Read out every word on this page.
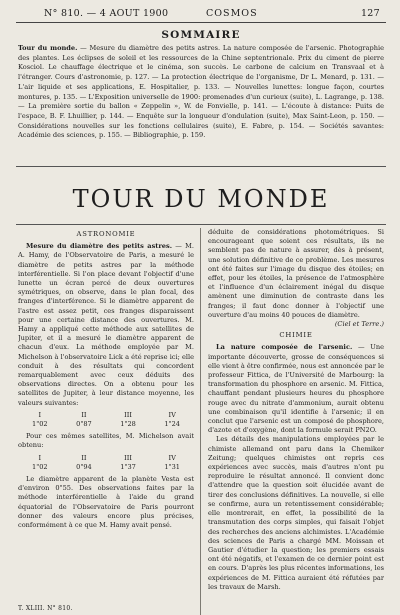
N° 810. — 4 AOUT 1900	COSMOS	127
SOMMAIRE
Tour du monde. — Mesure du diamètre des petits astres. La nature composée de l'arsenic. Photographie des plantes. Les éclipses de soleil et les ressources de la Chine septentrionale. Prix du ciment de pierre Kosciol. Le chauffage électrique et le cinéma, son succès. Le carbone de calcium en Transvaal et à l'étranger. Cours d'astronomie, p. 127. — La protection électrique de l'organisme, Dr L. Menard, p. 131. — L'air liquide et ses applications, E. Hospitalier, p. 133. — Nouvelles lunettes: longue façon, courtes montures, p. 135. — L'Exposition universelle de 1900: promenades d'un curieux (suite), L. Lagrange, p. 138. — La première sortie du ballon « Zeppelin », W. de Fonvielle, p. 141. — L'écoute à distance: Puits de l'espace, B. F. Lhuillier, p. 144. — Enquête sur la longueur d'ondulation (suite), Max Saint-Leon, p. 150. — Considérations nouvelles sur les fonctions cellulaires (suite), E. Fabre, p. 154. — Sociétés savantes: Académie des sciences, p. 155. — Bibliographie, p. 159.
TOUR DU MONDE
ASTRONOMIE

Mesure du diamètre des petits astres. — M. A. Hamy, de l'Observatoire de Paris, a mesuré le diamètre de petits astres par la méthode interférentielle. Si l'on place devant l'objectif d'une lunette un écran percé de deux ouvertures symétriques, on observe, dans le plan focal, des franges d'interférence. Si le diamètre apparent de l'astre est assez petit, ces franges disparaissent pour une certaine distance des ouvertures. M. Hamy a appliqué cette méthode aux satellites de Jupiter, et il a mesuré le diamètre apparent de chacun d'eux. La méthode employée par M. Michelson à l'observatoire Lick a été reprise ici; elle conduit à des résultats qui concordent remarquablement avec ceux déduits des observations directes. On a obtenu pour les satellites de Jupiter, à leur distance moyenne, les valeurs suivantes:

I
1"02
II
0"87
III
1"28
IV
1"24

Pour ces mêmes satellites, M. Michelson avait obtenu:

I
1"02
II
0"94
III
1"37
IV
1"31

Le diamètre apparent de la planète Vesta est d'environ 0"55. Des observations faites par la méthode interférentielle à l'aide du grand équatorial de l'Observatoire de Paris pourront donner des valeurs encore plus précises, conformément à ce que M. Hamy avait pensé.

déduite de considérations photométriques. Si encourageant que soient ces résultats, ils ne semblent pas de nature à assurer, dès à présent, une solution définitive de ce problème. Les mesures ont été faites sur l'image du disque des étoiles; en effet, pour les étoiles, la présence de l'atmosphère et l'influence d'un éclairement inégal du disque amènent une diminution de contraste dans les franges; il faut donc donner à l'objectif une ouverture d'au moins 40 pouces de diamètre.

(Ciel et Terre.)
CHIMIE

La nature composée de l'arsenic. — Une importante découverte, grosse de conséquences si elle vient à être confirmée, nous est annoncée par le professeur Fittica, de l'Université de Marbourg: la transformation du phosphore en arsenic. M. Fittica, chauffant pendant plusieurs heures du phosphore rouge avec du nitrate d'ammonium, aurait obtenu une combinaison qu'il identifie à l'arsenic; il en conclut que l'arsenic est un composé de phosphore, d'azote et d'oxygène, dont la formule serait PN2O.

Les détails des manipulations employées par le chimiste allemand ont paru dans la Chemiker Zeitung; quelques chimistes ont repris ces expériences avec succès, mais d'autres n'ont pu reproduire le résultat annoncé. Il convient donc d'attendre que la question soit élucidée avant de tirer des conclusions définitives. La nouvelle, si elle se confirme, aura un retentissement considérable; elle montrerait, en effet, la possibilité de la transmutation des corps simples, qui faisait l'objet des recherches des anciens alchimistes. L'Académie des sciences de Paris a chargé MM. Moissan et Gautier d'étudier la question; les premiers essais ont été négatifs, et l'examen de ce dernier point est en cours. D'après les plus récentes informations, les expériences de M. Fittica auraient été réfutées par les travaux de Marsh.

T. XLIII. N° 810.
